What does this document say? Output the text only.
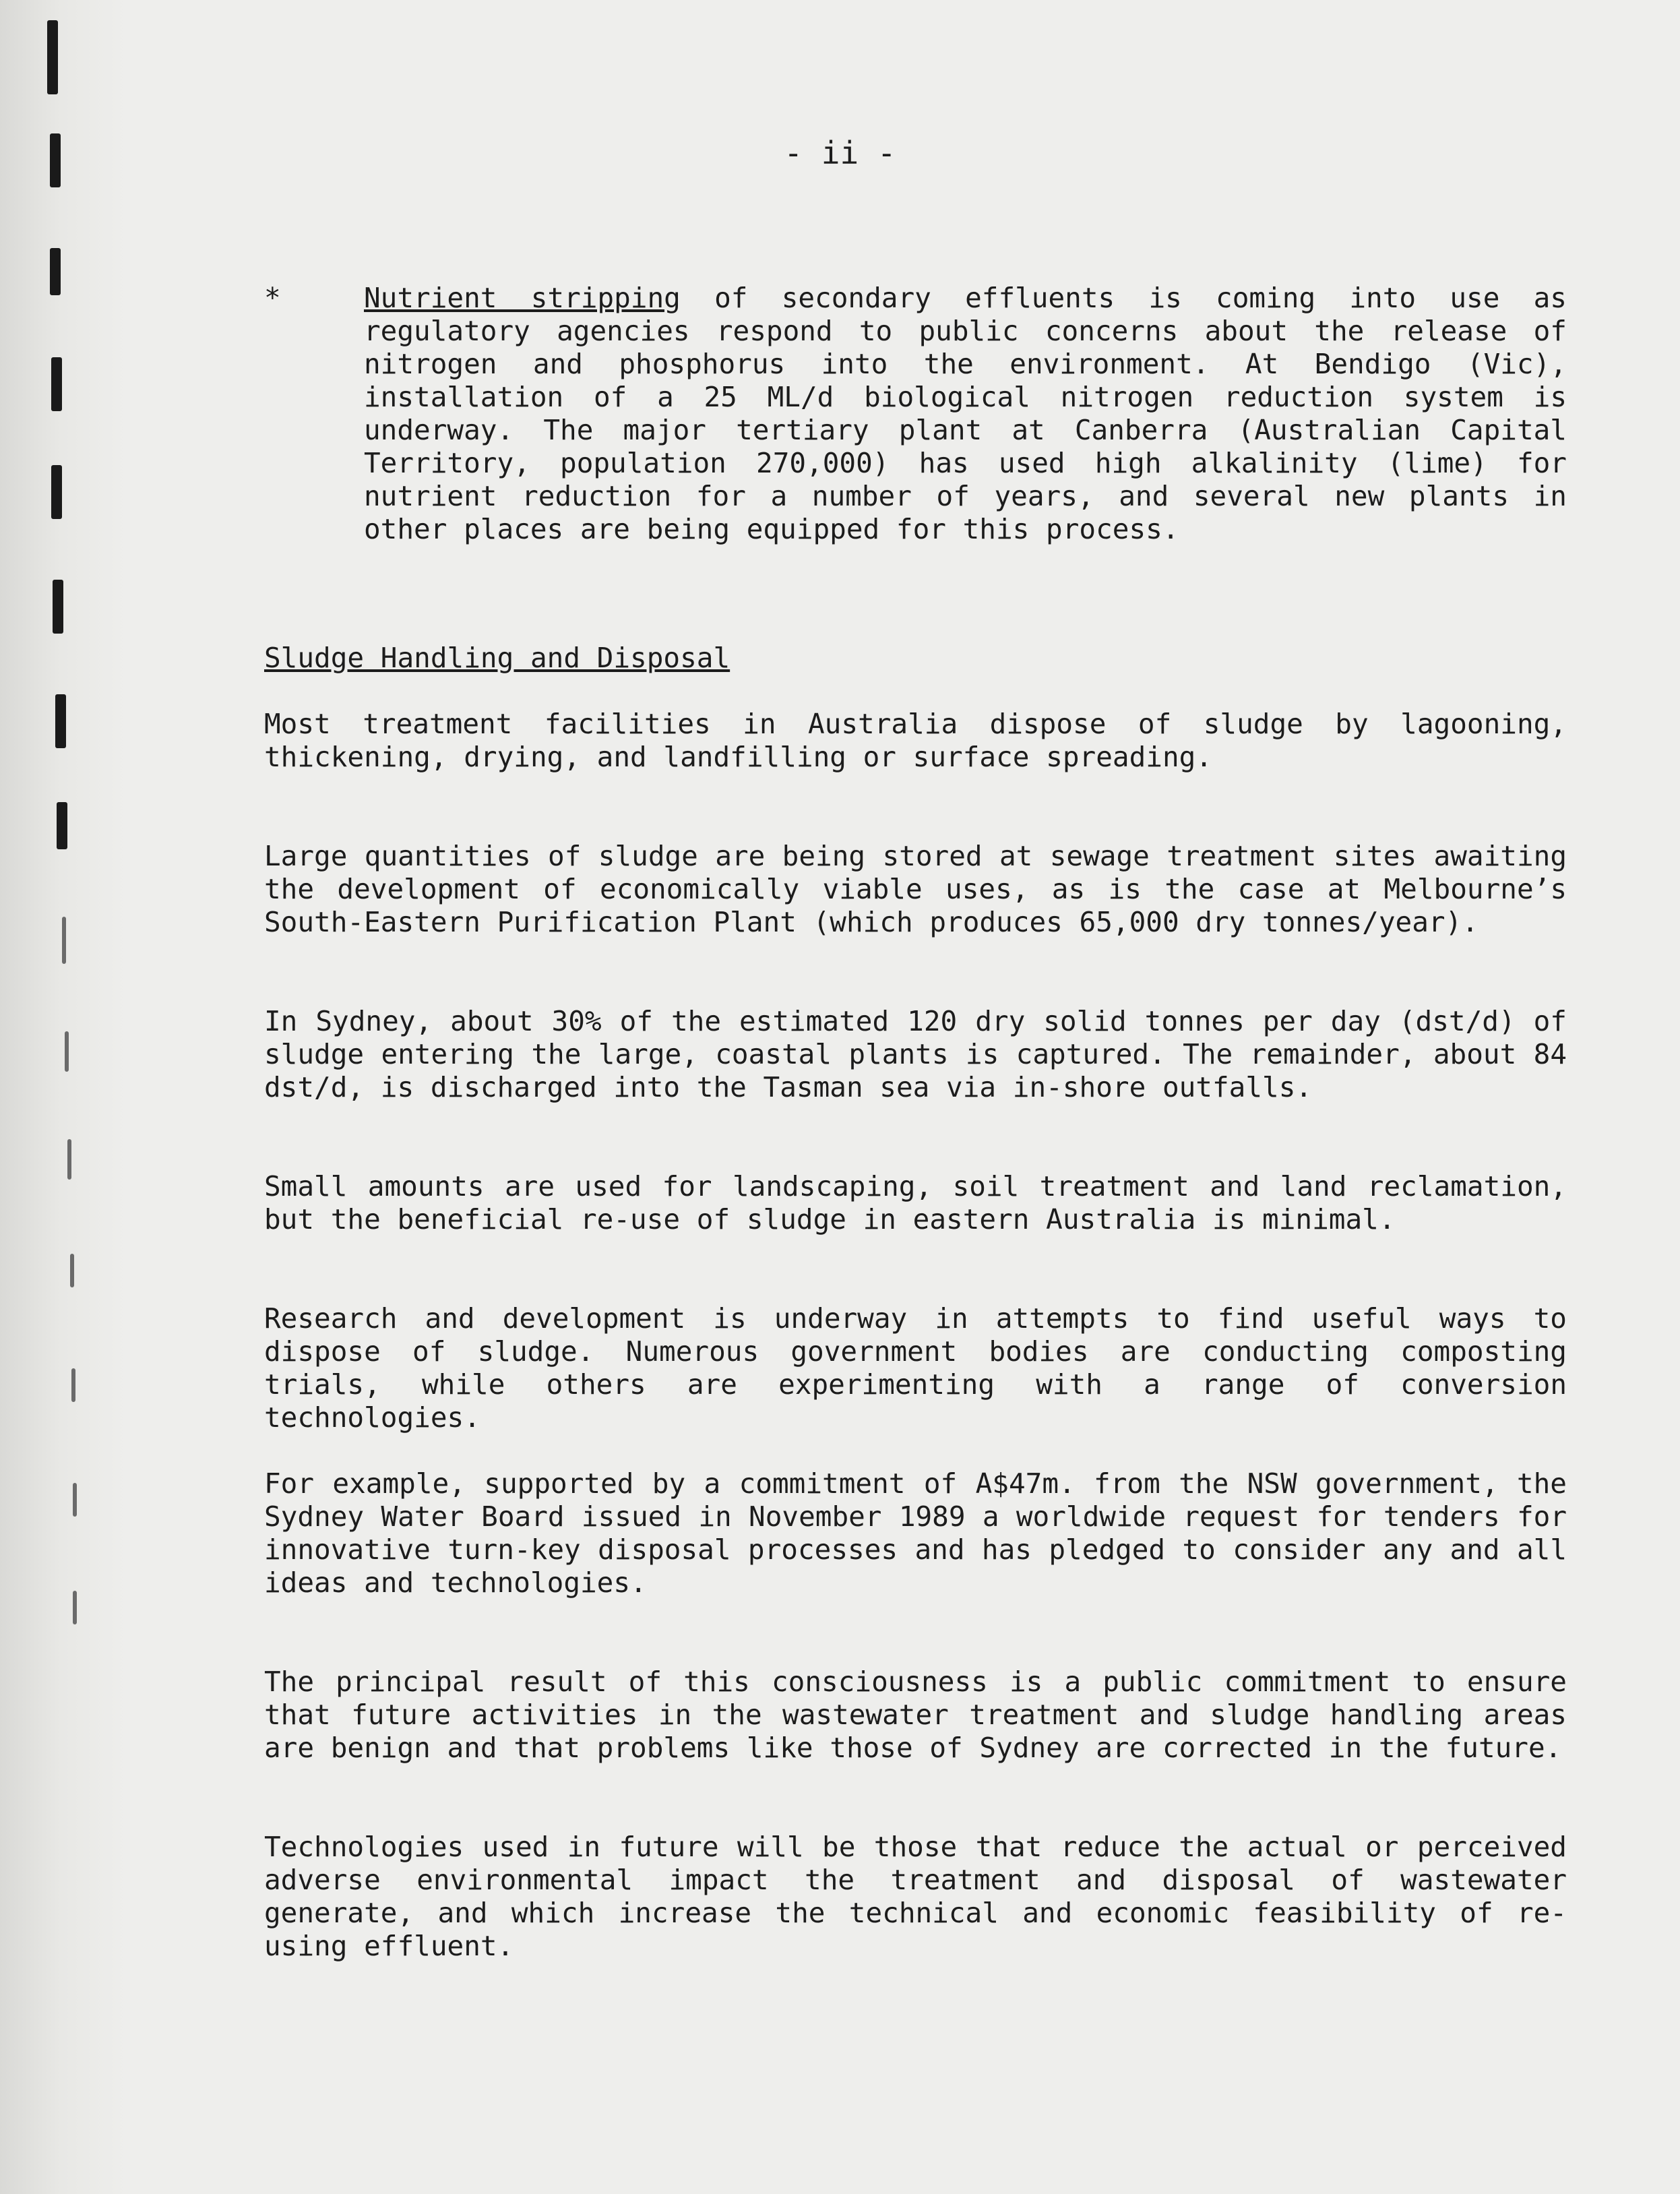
- ii -

*	Nutrient stripping of secondary effluents is coming into use as regulatory agencies respond to public concerns about the release of nitrogen and phosphorus into the environment. At Bendigo (Vic), installation of a 25 ML/d biological nitrogen reduction system is underway. The major tertiary plant at Canberra (Australian Capital Territory, population 270,000) has used high alkalinity (lime) for nutrient reduction for a number of years, and several new plants in other places are being equipped for this process.

Sludge Handling and Disposal

Most treatment facilities in Australia dispose of sludge by lagooning, thickening, drying, and landfilling or surface spreading.

Large quantities of sludge are being stored at sewage treatment sites awaiting the development of economically viable uses, as is the case at Melbourne’s South-Eastern Purification Plant (which produces 65,000 dry tonnes/year).

In Sydney, about 30% of the estimated 120 dry solid tonnes per day (dst/d) of sludge entering the large, coastal plants is captured. The remainder, about 84 dst/d, is discharged into the Tasman sea via in-shore outfalls.

Small amounts are used for landscaping, soil treatment and land reclamation, but the beneficial re-use of sludge in eastern Australia is minimal.

Research and development is underway in attempts to find useful ways to dispose of sludge. Numerous government bodies are conducting composting trials, while others are experimenting with a range of conversion technologies.

For example, supported by a commitment of A$47m. from the NSW government, the Sydney Water Board issued in November 1989 a worldwide request for tenders for innovative turn-key disposal processes and has pledged to consider any and all ideas and technologies.

The principal result of this consciousness is a public commitment to ensure that future activities in the wastewater treatment and sludge handling areas are benign and that problems like those of Sydney are corrected in the future.

Technologies used in future will be those that reduce the actual or perceived adverse environmental impact the treatment and disposal of wastewater generate, and which increase the technical and economic feasibility of re-using effluent.
